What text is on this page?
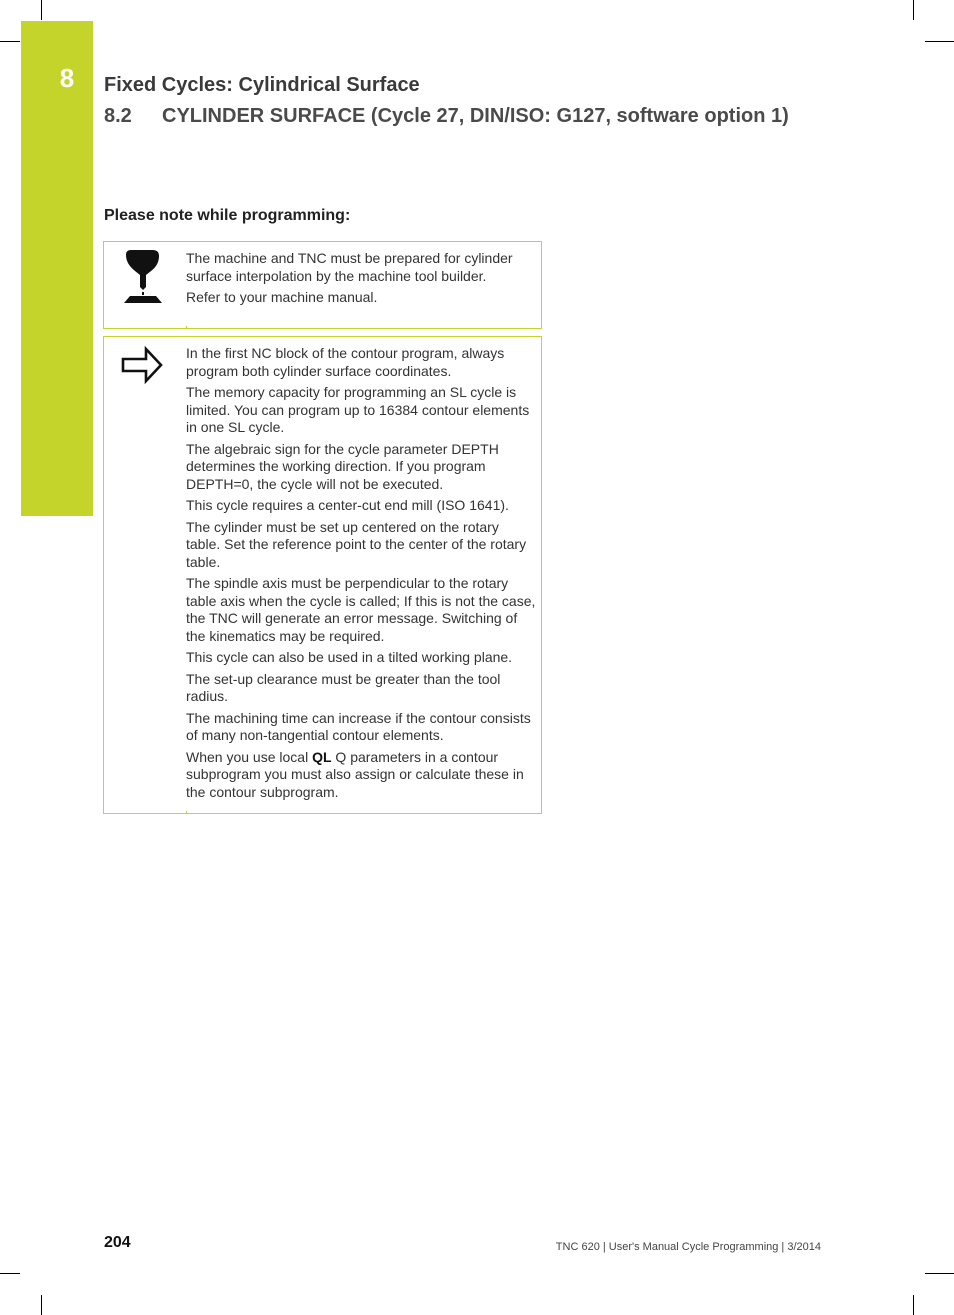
8	Fixed Cycles: Cylindrical Surface
8.2 CYLINDER SURFACE (Cycle 27, DIN/ISO: G127, software option 1)
Please note while programming:

The machine and TNC must be prepared for cylinder surface interpolation by the machine tool builder.

Refer to your machine manual.

In the first NC block of the contour program, always program both cylinder surface coordinates.

The memory capacity for programming an SL cycle is limited. You can program up to 16384 contour elements in one SL cycle.

The algebraic sign for the cycle parameter DEPTH determines the working direction. If you program DEPTH=0, the cycle will not be executed.

This cycle requires a center-cut end mill (ISO 1641).

The cylinder must be set up centered on the rotary table. Set the reference point to the center of the rotary table.

The spindle axis must be perpendicular to the rotary table axis when the cycle is called; If this is not the case, the TNC will generate an error message. Switching of the kinematics may be required.

This cycle can also be used in a tilted working plane.

The set-up clearance must be greater than the tool radius.

The machining time can increase if the contour consists of many non-tangential contour elements.

When you use local QL Q parameters in a contour subprogram you must also assign or calculate these in the contour subprogram.

204	TNC 620 | User's Manual Cycle Programming | 3/2014
